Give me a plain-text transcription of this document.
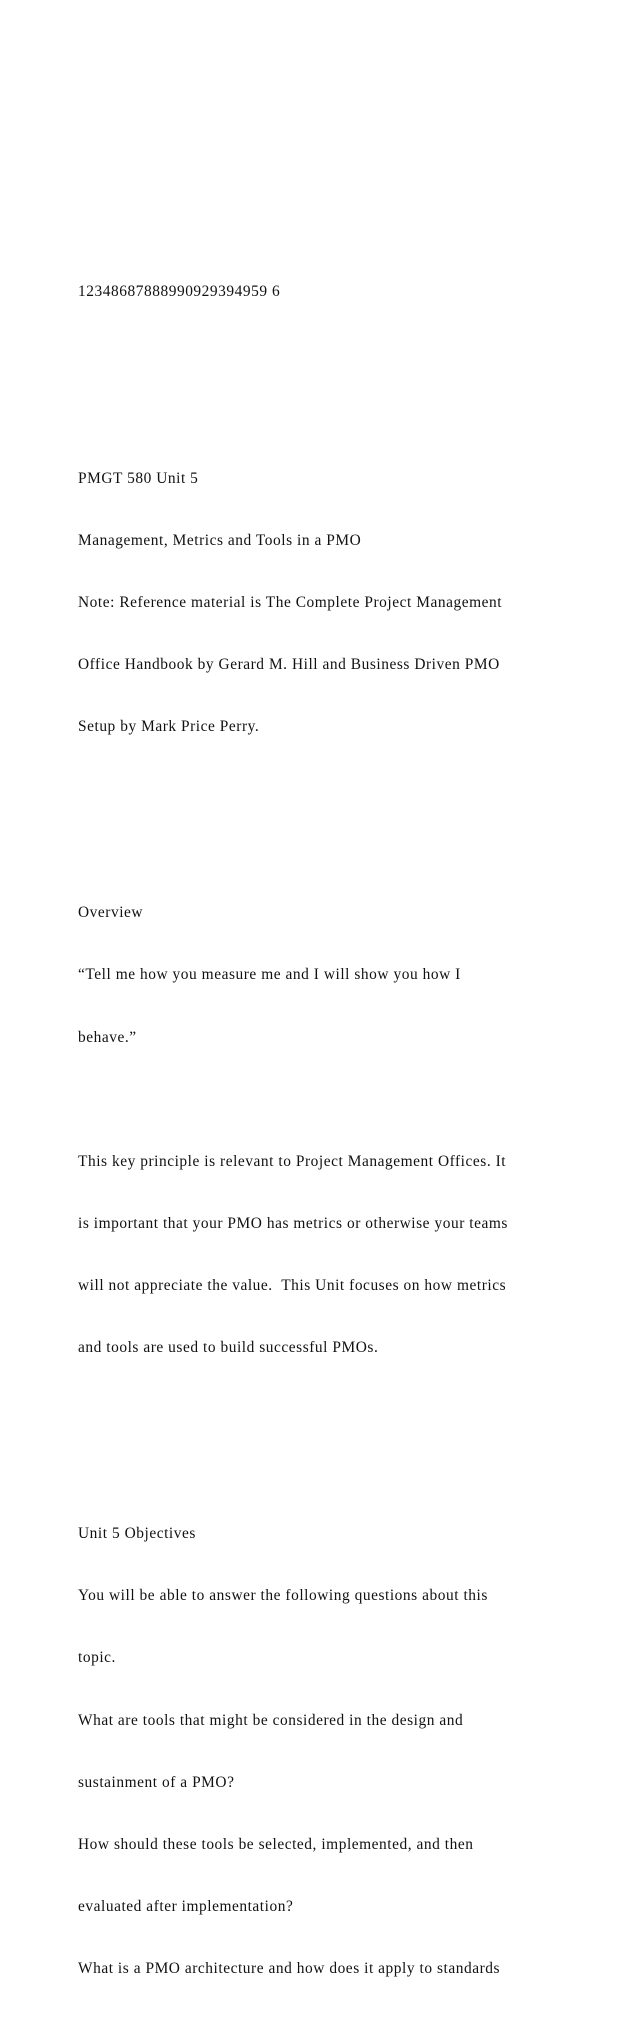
12348687888990929394959 6

PMGT 580 Unit 5

Management, Metrics and Tools in a PMO

Note: Reference material is The Complete Project Management

Office Handbook by Gerard M. Hill and Business Driven PMO

Setup by Mark Price Perry.

Overview

“Tell me how you measure me and I will show you how I

behave.”

This key principle is relevant to Project Management Offices. It

is important that your PMO has metrics or otherwise your teams

will not appreciate the value.  This Unit focuses on how metrics

and tools are used to build successful PMOs.

Unit 5 Objectives

You will be able to answer the following questions about this

topic.

What are tools that might be considered in the design and

sustainment of a PMO?

How should these tools be selected, implemented, and then

evaluated after implementation?

What is a PMO architecture and how does it apply to standards
